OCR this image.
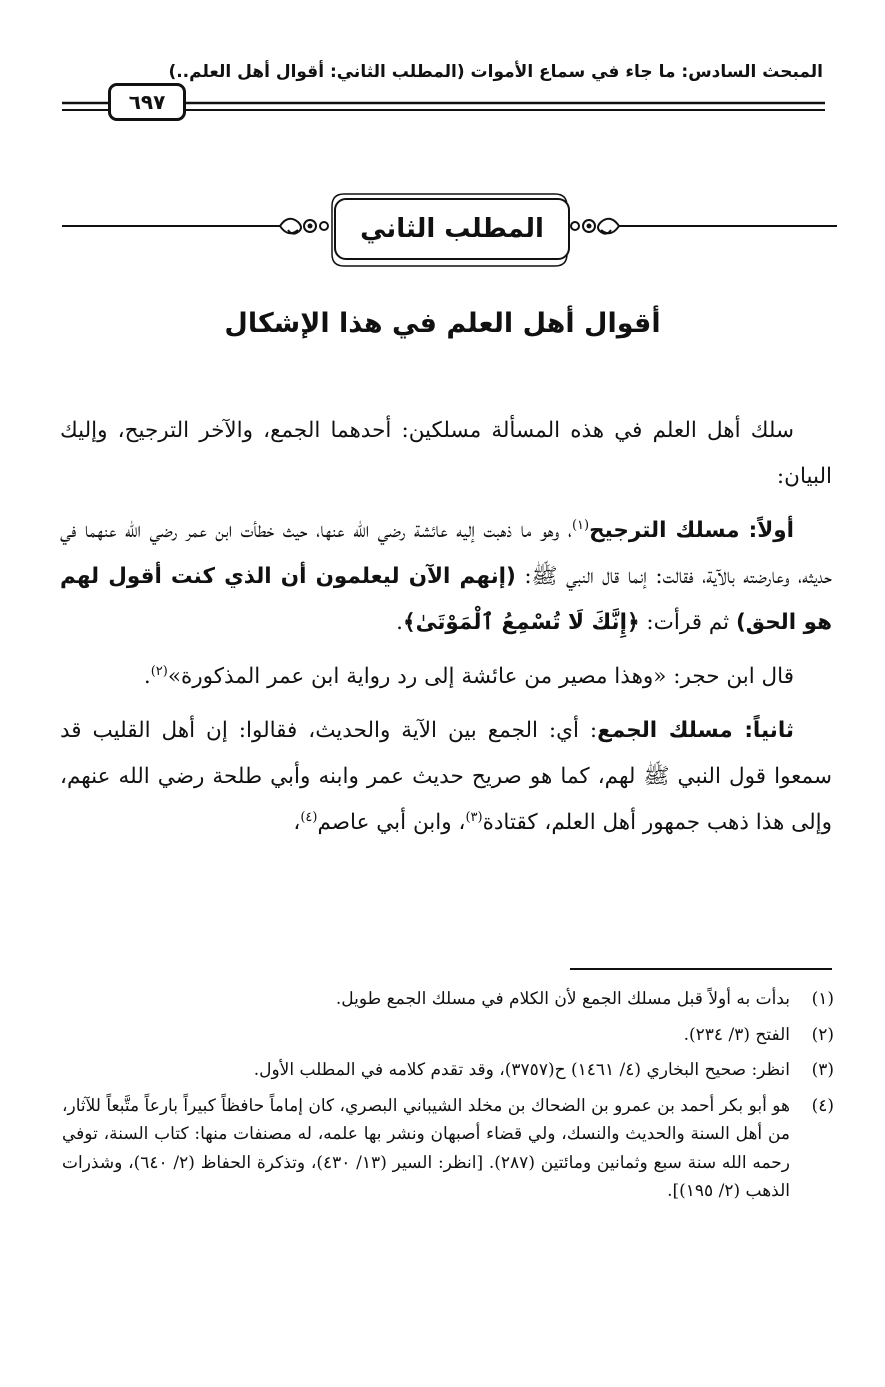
المبحث السادس: ما جاء في سماع الأموات (المطلب الثاني: أقوال أهل العلم..)
٦٩٧
المطلب الثاني
أقوال أهل العلم في هذا الإشكال

سلك أهل العلم في هذه المسألة مسلكين: أحدهما الجمع، والآخر الترجيح، وإليك البيان:

أولاً: مسلك الترجيح$^{(١)}$، وهو ما ذهبت إليه عائشة رضي الله عنها، حيث خطأت ابن عمر رضي الله عنهما في حديثه، وعارضته بالآية، فقالت: إنما قال النبي ﷺ: (إنهم الآن ليعلمون أن الذي كنت أقول لهم هو الحق) ثم قرأت: ﴿إِنَّكَ لَا تُسْمِعُ ٱلْمَوْتَىٰ﴾.

قال ابن حجر: «وهذا مصير من عائشة إلى رد رواية ابن عمر المذكورة»$^{(٢)}$.

ثانياً: مسلك الجمع: أي: الجمع بين الآية والحديث، فقالوا: إن أهل القليب قد سمعوا قول النبي ﷺ لهم، كما هو صريح حديث عمر وابنه وأبي طلحة رضي الله عنهم، وإلى هذا ذهب جمهور أهل العلم، كقتادة$^{(٣)}$، وابن أبي عاصم$^{(٤)}$،

(١)
بدأت به أولاً قبل مسلك الجمع لأن الكلام في مسلك الجمع طويل.
(٢)
الفتح (٣/ ٢٣٤).
(٣)
انظر: صحيح البخاري (٤/ ١٤٦١) ح(٣٧٥٧)، وقد تقدم كلامه في المطلب الأول.
(٤)
هو أبو بكر أحمد بن عمرو بن الضحاك بن مخلد الشيباني البصري، كان إماماً حافظاً كبيراً بارعاً متَّبعاً للآثار، من أهل السنة والحديث والنسك، ولي قضاء أصبهان ونشر بها علمه، له مصنفات منها: كتاب السنة، توفي رحمه الله سنة سبع وثمانين ومائتين (٢٨٧). [انظر: السير (١٣/ ٤٣٠)، وتذكرة الحفاظ (٢/ ٦٤٠)، وشذرات الذهب (٢/ ١٩٥)].
